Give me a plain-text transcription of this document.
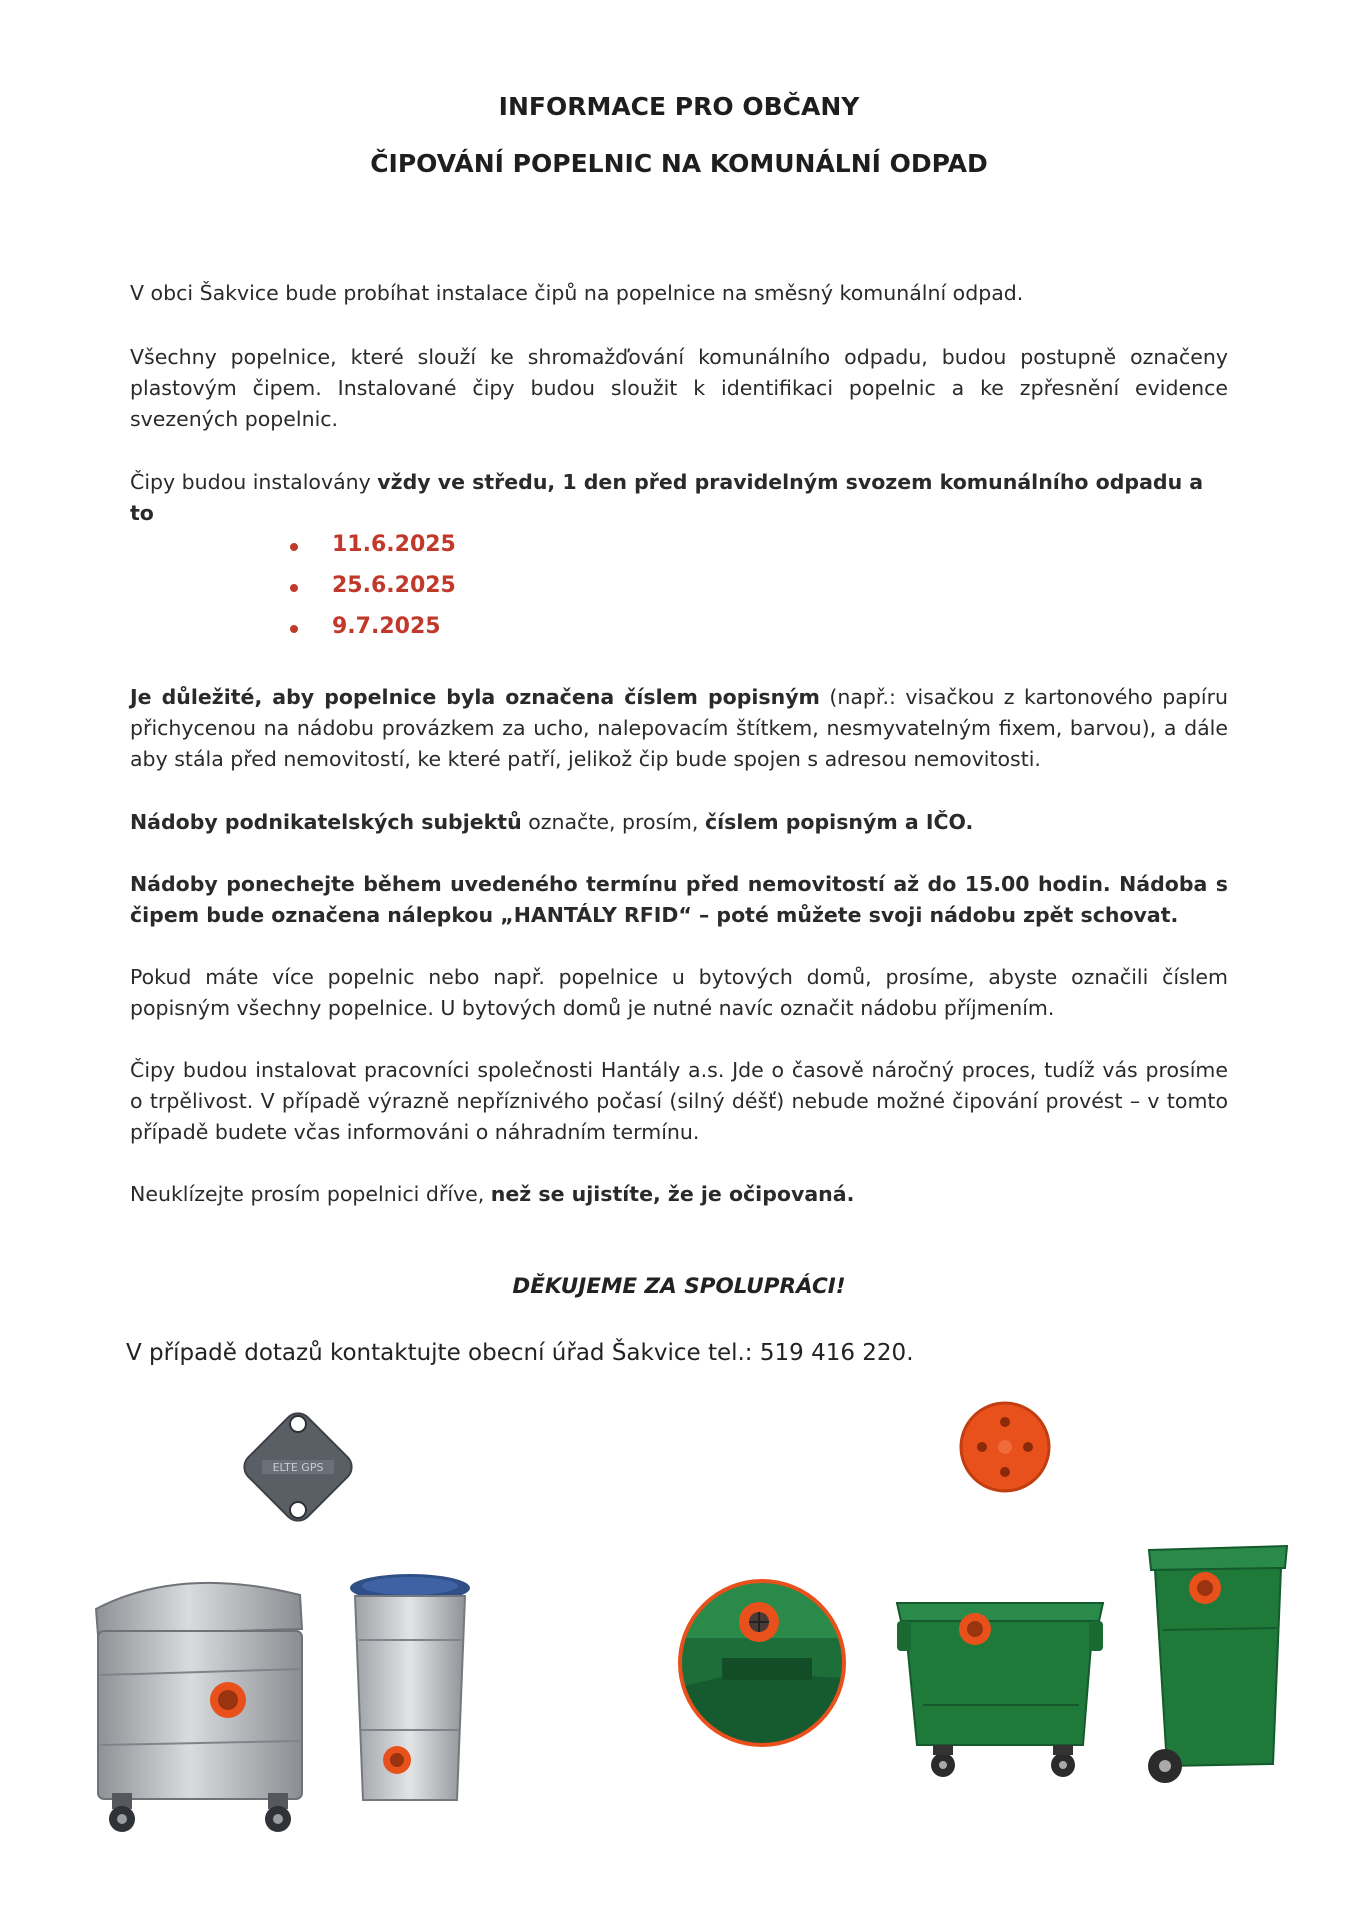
INFORMACE PRO OBČANY
ČIPOVÁNÍ POPELNIC NA KOMUNÁLNÍ ODPAD
V obci Šakvice bude probíhat instalace čipů na popelnice na směsný komunální odpad.
Všechny popelnice, které slouží ke shromažďování komunálního odpadu, budou postupně označeny plastovým čipem. Instalované čipy budou sloužit k identifikaci popelnic a ke zpřesnění evidence svezených popelnic.
Čipy budou instalovány vždy ve středu, 1 den před pravidelným svozem komunálního odpadu a to
11.6.2025
25.6.2025
9.7.2025
Je důležité, aby popelnice byla označena číslem popisným (např.: visačkou z kartonového papíru přichycenou na nádobu provázkem za ucho, nalepovacím štítkem, nesmyvatelným fixem, barvou), a dále aby stála před nemovitostí, ke které patří, jelikož čip bude spojen s adresou nemovitosti.
Nádoby podnikatelských subjektů označte, prosím, číslem popisným a IČO.
Nádoby ponechejte během uvedeného termínu před nemovitostí až do 15.00 hodin. Nádoba s čipem bude označena nálepkou „HANTÁLY RFID“ – poté můžete svoji nádobu zpět schovat.
Pokud máte více popelnic nebo např. popelnice u bytových domů, prosíme, abyste označili číslem popisným všechny popelnice. U bytových domů je nutné navíc označit nádobu příjmením.
Čipy budou instalovat pracovníci společnosti Hantály a.s. Jde o časově náročný proces, tudíž vás prosíme o trpělivost. V případě výrazně nepříznivého počasí (silný déšť) nebude možné čipování provést – v tomto případě budete včas informováni o náhradním termínu.
Neuklízejte prosím popelnici dříve, než se ujistíte, že je očipovaná.
DĚKUJEME ZA SPOLUPRÁCI!
V případě dotazů kontaktujte obecní úřad Šakvice tel.: 519 416 220.
ELTE GPS
